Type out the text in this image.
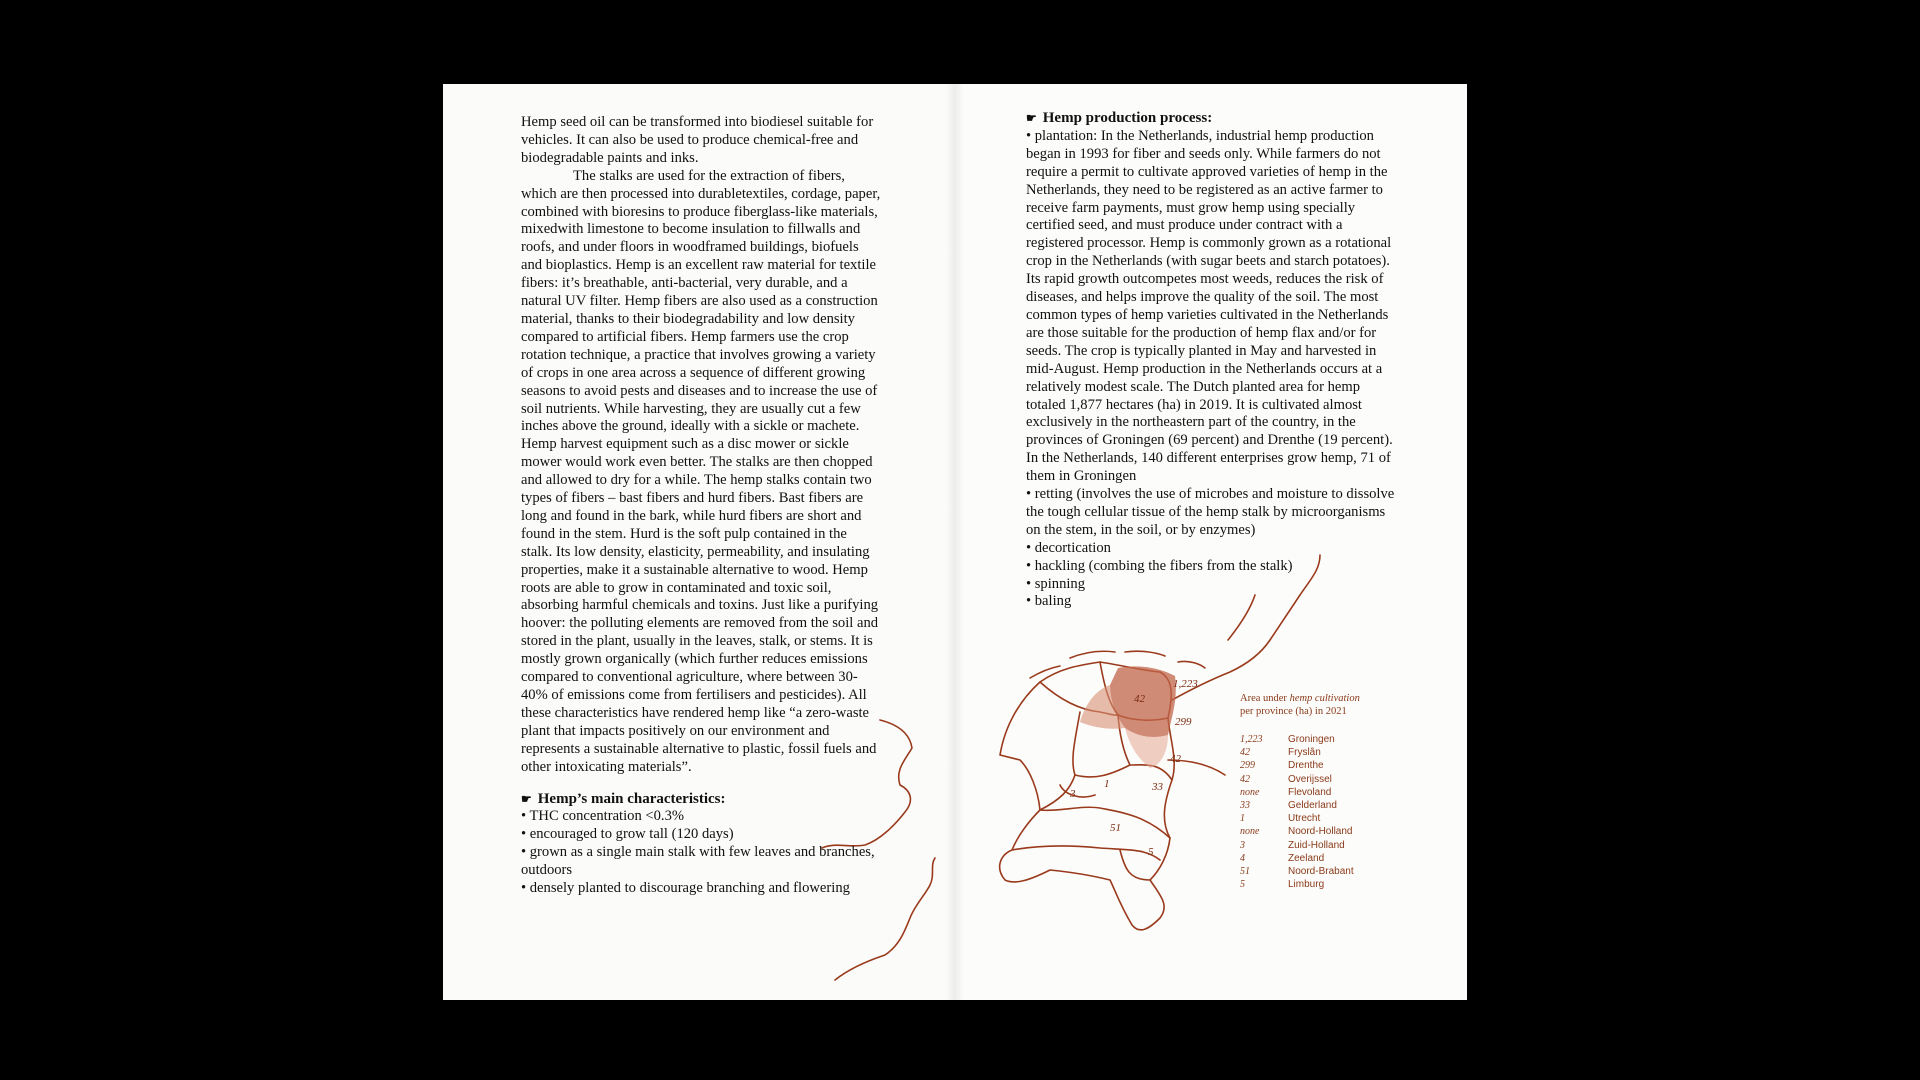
1,223
42
299
42
33
1
3
5
51

Hemp seed oil can be transformed into biodiesel suitable for vehicles. It can also be used to produce chemical-free and biodegradable paints and inks.

The stalks are used for the extraction of fibers, which are then processed into durabletextiles, cordage, paper, combined with bioresins to produce fiberglass-like materials, mixedwith limestone to become insulation to fillwalls and roofs, and under floors in woodframed buildings, biofuels and bioplastics. Hemp is an excellent raw material for textile fibers: it’s breathable, anti-bacterial, very durable, and a natural UV filter. Hemp fibers are also used as a construction material, thanks to their biodegradability and low density compared to artificial fibers. Hemp farmers use the crop rotation technique, a practice that involves growing a variety of crops in one area across a sequence of different growing seasons to avoid pests and diseases and to increase the use of soil nutrients. While harvesting, they are usually cut a few inches above the ground, ideally with a sickle or machete. Hemp harvest equipment such as a disc mower or sickle mower would work even better. The stalks are then chopped and allowed to dry for a while. The hemp stalks contain two types of fibers – bast fibers and hurd fibers. Bast fibers are long and found in the bark, while hurd fibers are short and found in the stem. Hurd is the soft pulp contained in the stalk. Its low density, elasticity, permeability, and insulating properties, make it a sustainable alternative to wood. Hemp roots are able to grow in contaminated and toxic soil, absorbing harmful chemicals and toxins. Just like a purifying hoover: the polluting elements are removed from the soil and stored in the plant, usually in the leaves, stalk, or stems. It is mostly grown organically (which further reduces emissions compared to conventional agriculture, where between 30-40% of emissions come from fertilisers and pesticides). All these characteristics have rendered hemp like “a zero-waste plant that impacts positively on our environment and represents a sustainable alternative to plastic, fossil fuels and other intoxicating materials”.

☛ Hemp’s main characteristics:

• THC concentration <0.3%

• encouraged to grow tall (120 days)

• grown as a single main stalk with few leaves and branches, outdoors

• densely planted to discourage branching and flowering

☛ Hemp production process:

• plantation: In the Netherlands, industrial hemp production began in 1993 for fiber and seeds only. While farmers do not require a permit to cultivate approved varieties of hemp in the Netherlands, they need to be registered as an active farmer to receive farm payments, must grow hemp using specially certified seed, and must produce under contract with a registered processor. Hemp is commonly grown as a rotational crop in the Netherlands (with sugar beets and starch potatoes). Its rapid growth outcompetes most weeds, reduces the risk of diseases, and helps improve the quality of the soil. The most common types of hemp varieties cultivated in the Netherlands are those suitable for the production of hemp flax and/or for seeds. The crop is typically planted in May and harvested in mid-August. Hemp production in the Netherlands occurs at a relatively modest scale. The Dutch planted area for hemp totaled 1,877 hectares (ha) in 2019. It is cultivated almost exclusively in the northeastern part of the country, in the provinces of Groningen (69 percent) and Drenthe (19 percent). In the Netherlands, 140 different enterprises grow hemp, 71 of them in Groningen

• retting (involves the use of microbes and moisture to dissolve the tough cellular tissue of the hemp stalk by microorganisms on the stem, in the soil, or by enzymes)

• decortication

• hackling (combing the fibers from the stalk)

• spinning

• baling

Area under hemp cultivation
per province (ha) in 2021
1,223	Groningen
42	Fryslân
299	Drenthe
42	Overijssel
none	Flevoland
33	Gelderland
1	Utrecht
none	Noord-Holland
3	Zuid-Holland
4	Zeeland
51	Noord-Brabant
5	Limburg
